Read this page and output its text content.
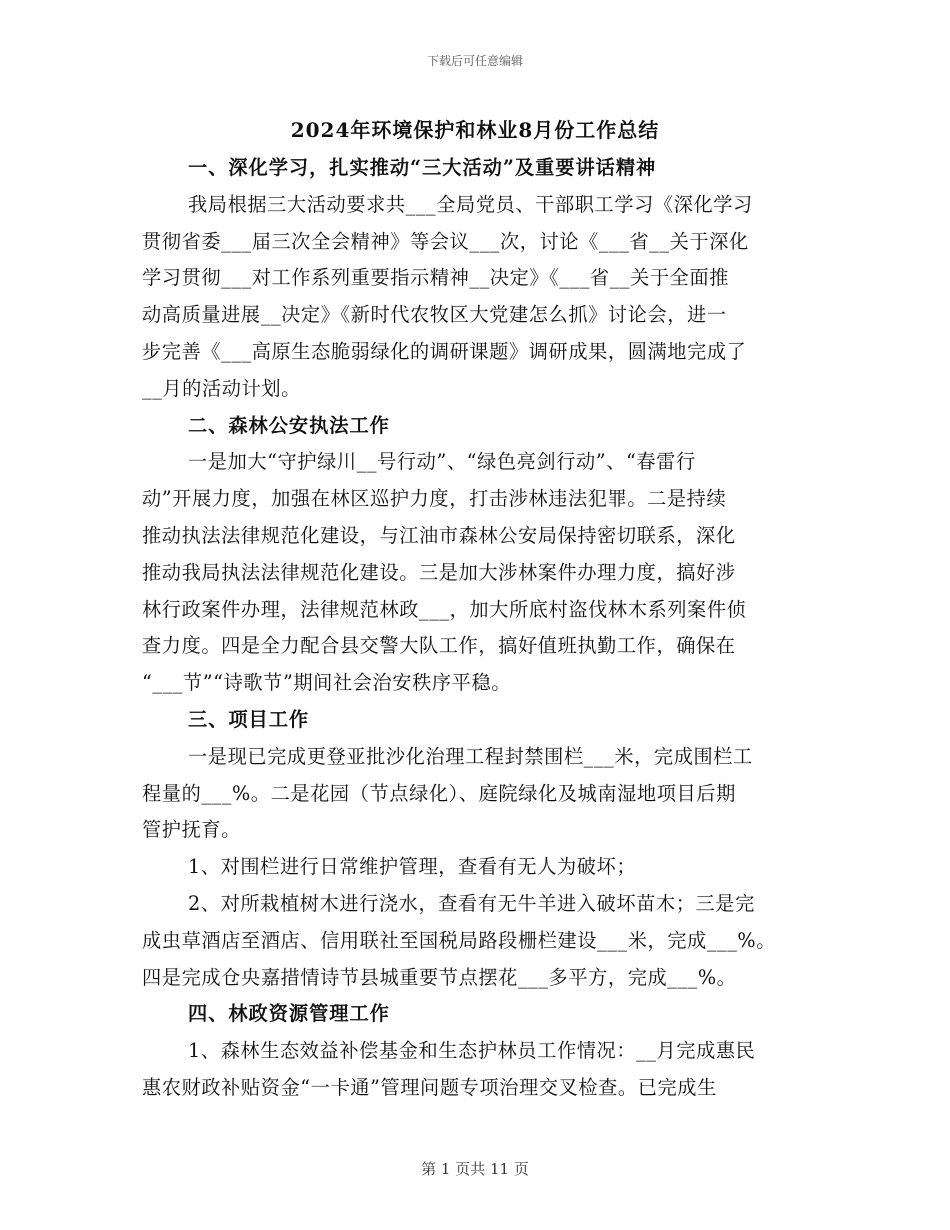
下载后可任意编辑
2024年环境保护和林业8月份工作总结
一、深化学习，扎实推动“三大活动”及重要讲话精神
我局根据三大活动要求共___全局党员、干部职工学习《深化学习
贯彻省委___届三次全会精神》等会议___次，讨论《___省__关于深化
学习贯彻___对工作系列重要指示精神__决定》《___省__关于全面推
动高质量进展__决定》《新时代农牧区大党建怎么抓》讨论会，进一
步完善《___高原生态脆弱绿化的调研课题》调研成果，圆满地完成了
__月的活动计划。
二、森林公安执法工作
一是加大“守护绿川__号行动”、“绿色亮剑行动”、“春雷行
动”开展力度，加强在林区巡护力度，打击涉林违法犯罪。二是持续
推动执法法律规范化建设，与江油市森林公安局保持密切联系，深化
推动我局执法法律规范化建设。三是加大涉林案件办理力度，搞好涉
林行政案件办理，法律规范林政___，加大所底村盗伐林木系列案件侦
查力度。四是全力配合县交警大队工作，搞好值班执勤工作，确保在
“___节”“诗歌节”期间社会治安秩序平稳。
三、项目工作
一是现已完成更登亚批沙化治理工程封禁围栏___米，完成围栏工
程量的___%。二是花园（节点绿化）、庭院绿化及城南湿地项目后期
管护抚育。
1、对围栏进行日常维护管理，查看有无人为破坏；
2、对所栽植树木进行浇水，查看有无牛羊进入破坏苗木；三是完
成虫草酒店至酒店、信用联社至国税局路段栅栏建设___米，完成___%。
四是完成仓央嘉措情诗节县城重要节点摆花___多平方，完成___%。
四、林政资源管理工作
1、森林生态效益补偿基金和生态护林员工作情况：__月完成惠民
惠农财政补贴资金“一卡通”管理问题专项治理交叉检查。已完成生
第 1 页共 11 页
